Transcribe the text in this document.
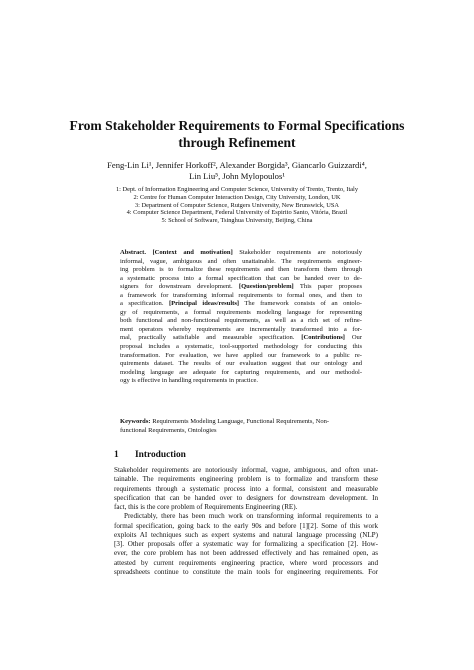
From Stakeholder Requirements to Formal Specifications
through Refinement
Feng-Lin Li¹, Jennifer Horkoff², Alexander Borgida³, Giancarlo Guizzardi⁴,
Lin Liu⁵, John Mylopoulos¹
1: Dept. of Information Engineering and Computer Science, University of Trento, Trento, Italy
2: Centre for Human Computer Interaction Design, City University, London, UK
3: Department of Computer Science, Rutgers University, New Brunswick, USA
4: Computer Science Department, Federal University of Espirito Santo, Vitória, Brazil
5: School of Software, Tsinghua University, Beijing, China
Abstract. [Context and motivation] Stakeholder requirements are notoriously
informal, vague, ambiguous and often unattainable. The requirements engineer-
ing problem is to formalize these requirements and then transform them through
a systematic process into a formal specification that can be handed over to de-
signers for downstream development. [Question/problem] This paper proposes
a framework for transforming informal requirements to formal ones, and then to
a specification. [Principal ideas/results] The framework consists of an ontolo-
gy of requirements, a formal requirements modeling language for representing
both functional and non-functional requirements, as well as a rich set of refine-
ment operators whereby requirements are incrementally transformed into a for-
mal, practically satisfiable and measurable specification. [Contributions] Our
proposal includes a systematic, tool-supported methodology for conducting this
transformation. For evaluation, we have applied our framework to a public re-
quirements dataset. The results of our evaluation suggest that our ontology and
modeling language are adequate for capturing requirements, and our methodol-
ogy is effective in handling requirements in practice.
Keywords: Requirements Modeling Language, Functional Requirements, Non-
functional Requirements, Ontologies
1 Introduction
Stakeholder requirements are notoriously informal, vague, ambiguous, and often unat-
tainable. The requirements engineering problem is to formalize and transform these
requirements through a systematic process into a formal, consistent and measurable
specification that can be handed over to designers for downstream development. In
fact, this is the core problem of Requirements Engineering (RE).
Predictably, there has been much work on transforming informal requirements to a
formal specification, going back to the early 90s and before [1][2]. Some of this work
exploits AI techniques such as expert systems and natural language processing (NLP)
[3]. Other proposals offer a systematic way for formalizing a specification [2]. How-
ever, the core problem has not been addressed effectively and has remained open, as
attested by current requirements engineering practice, where word processors and
spreadsheets continue to constitute the main tools for engineering requirements. For
